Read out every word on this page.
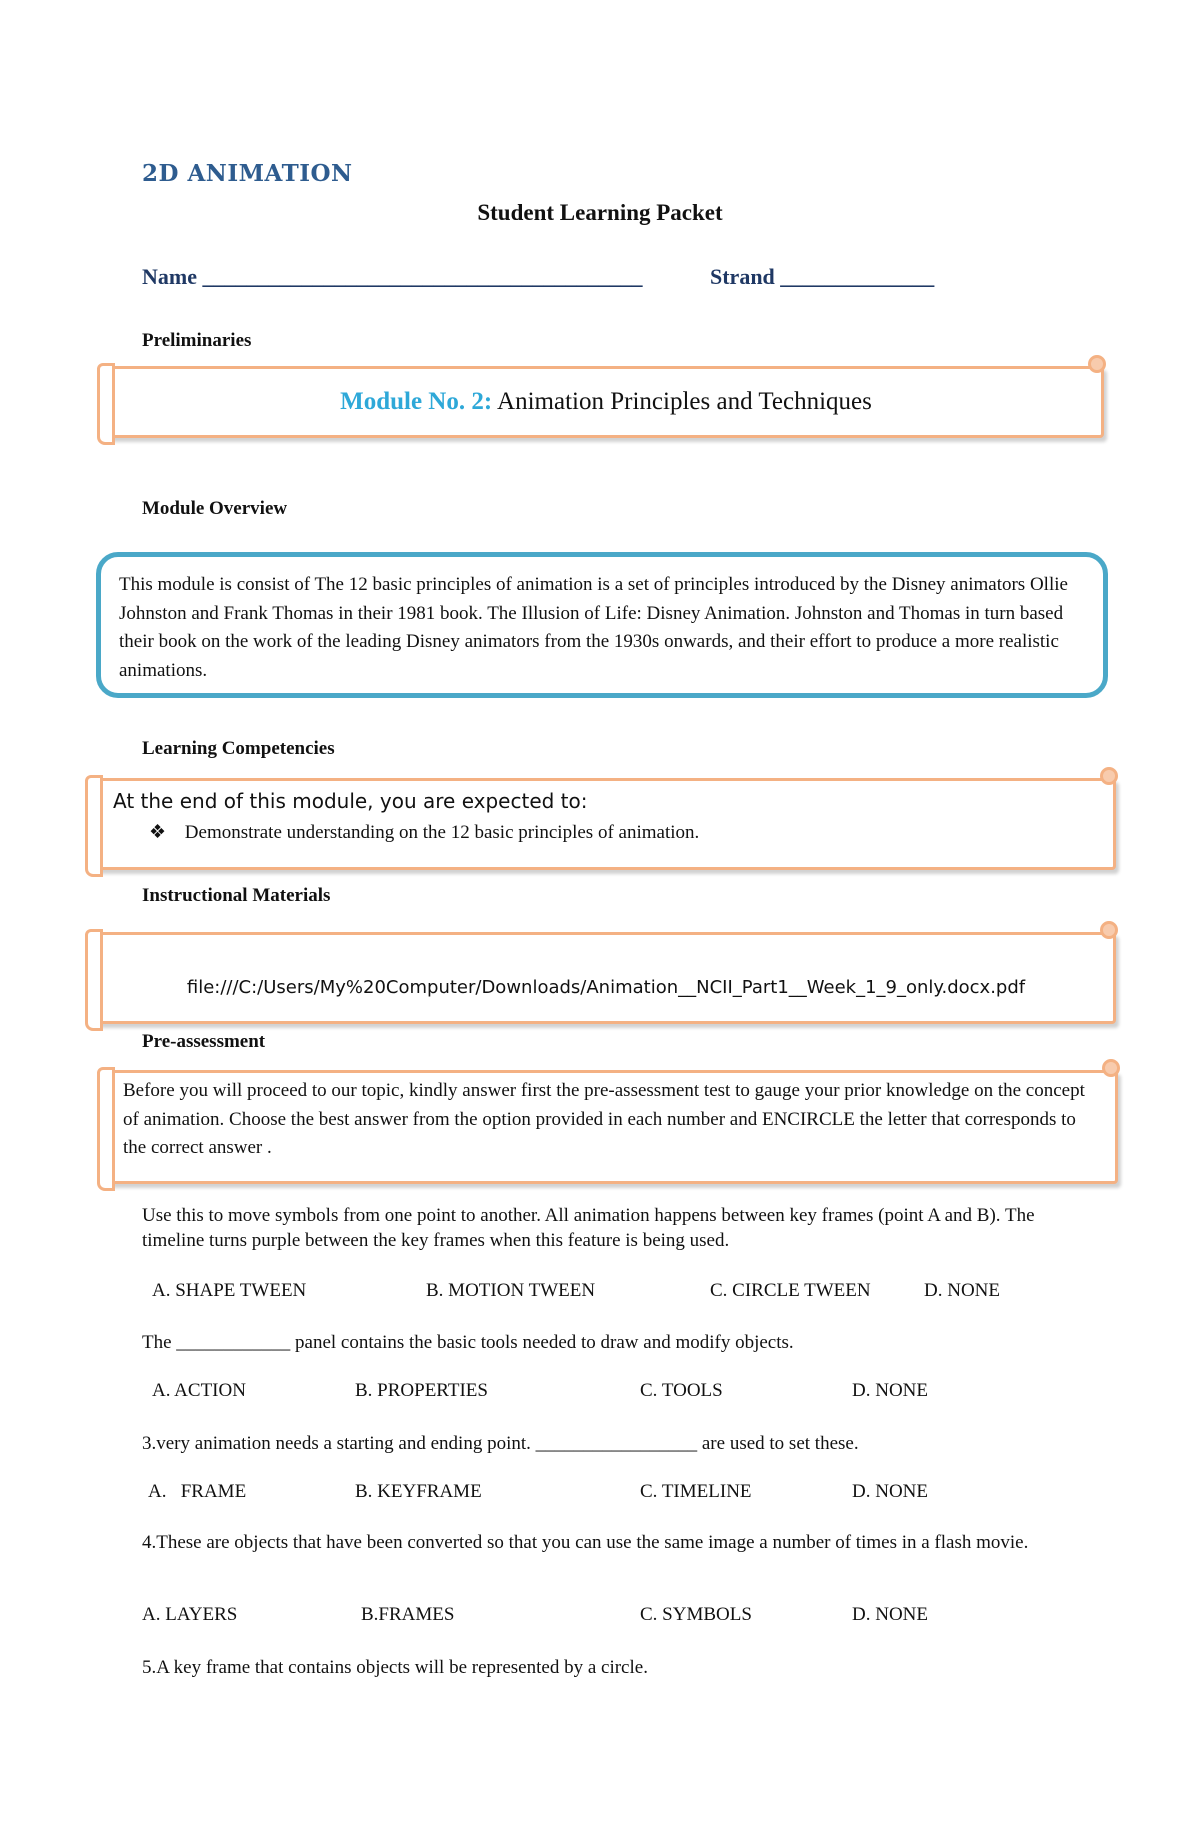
2D ANIMATION
Student Learning Packet
Name ________________________________________	Strand ______________
Preliminaries
Module No. 2: Animation Principles and Techniques
Module Overview
This module is consist of The 12 basic principles of animation is a set of principles introduced by the Disney animators Ollie Johnston and Frank Thomas in their 1981 book. The Illusion of Life: Disney Animation. Johnston and Thomas in turn based their book on the work of the leading Disney animators from the 1930s onwards, and their effort to produce a more realistic animations.
Learning Competencies
At the end of this module, you are expected to:
❖ Demonstrate understanding on the 12 basic principles of animation.
Instructional Materials
file:///C:/Users/My%20Computer/Downloads/Animation__NCII_Part1__Week_1_9_only.docx.pdf
Pre-assessment
Before you will proceed to our topic, kindly answer first the pre-assessment test to gauge your prior knowledge on the concept of animation. Choose the best answer from the option provided in each number and ENCIRCLE the letter that corresponds to the correct answer .
Use this to move symbols from one point to another. All animation happens between key frames (point A and B). The timeline turns purple between the key frames when this feature is being used.
A. SHAPE TWEEN	B. MOTION TWEEN	C. CIRCLE TWEEN	D. NONE
The ____________ panel contains the basic tools needed to draw and modify objects.
A. ACTION	B. PROPERTIES	C. TOOLS	D. NONE
3.very animation needs a starting and ending point. _________________ are used to set these.
A.   FRAME	B. KEYFRAME	C. TIMELINE	D. NONE
4.These are objects that have been converted so that you can use the same image a number of times in a flash movie.
A. LAYERS	B.FRAMES	C. SYMBOLS	D. NONE
5.A key frame that contains objects will be represented by a circle.
